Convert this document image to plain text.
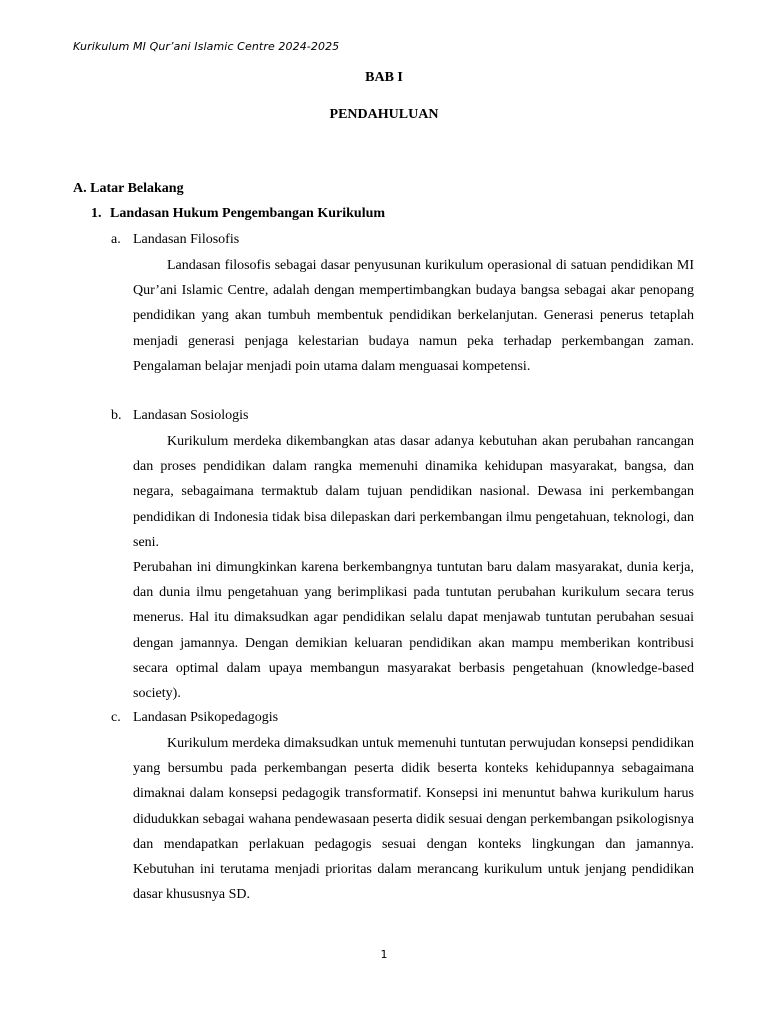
Kurikulum MI Qur’ani Islamic Centre 2024-2025
BAB I
PENDAHULUAN
A. Latar Belakang
1. Landasan Hukum Pengembangan Kurikulum
a. Landasan Filosofis

Landasan filosofis sebagai dasar penyusunan kurikulum operasional di satuan pendidikan MI Qur’ani Islamic Centre, adalah dengan mempertimbangkan budaya bangsa sebagai akar penopang pendidikan yang akan tumbuh membentuk pendidikan berkelanjutan. Generasi penerus tetaplah menjadi generasi penjaga kelestarian budaya namun peka terhadap perkembangan zaman. Pengalaman belajar menjadi poin utama dalam menguasai kompetensi.

b. Landasan Sosiologis

Kurikulum merdeka dikembangkan atas dasar adanya kebutuhan akan perubahan rancangan dan proses pendidikan dalam rangka memenuhi dinamika kehidupan masyarakat, bangsa, dan negara, sebagaimana termaktub dalam tujuan pendidikan nasional. Dewasa ini perkembangan pendidikan di Indonesia tidak bisa dilepaskan dari perkembangan ilmu pengetahuan, teknologi, dan seni.

Perubahan ini dimungkinkan karena berkembangnya tuntutan baru dalam masyarakat, dunia kerja, dan dunia ilmu pengetahuan yang berimplikasi pada tuntutan perubahan kurikulum secara terus menerus. Hal itu dimaksudkan agar pendidikan selalu dapat menjawab tuntutan perubahan sesuai dengan jamannya. Dengan demikian keluaran pendidikan akan mampu memberikan kontribusi secara optimal dalam upaya membangun masyarakat berbasis pengetahuan (knowledge-based society).

c. Landasan Psikopedagogis

Kurikulum merdeka dimaksudkan untuk memenuhi tuntutan perwujudan konsepsi pendidikan yang bersumbu pada perkembangan peserta didik beserta konteks kehidupannya sebagaimana dimaknai dalam konsepsi pedagogik transformatif. Konsepsi ini menuntut bahwa kurikulum harus didudukkan sebagai wahana pendewasaan peserta didik sesuai dengan perkembangan psikologisnya dan mendapatkan perlakuan pedagogis sesuai dengan konteks lingkungan dan jamannya. Kebutuhan ini terutama menjadi prioritas dalam merancang kurikulum untuk jenjang pendidikan dasar khususnya SD.

1
